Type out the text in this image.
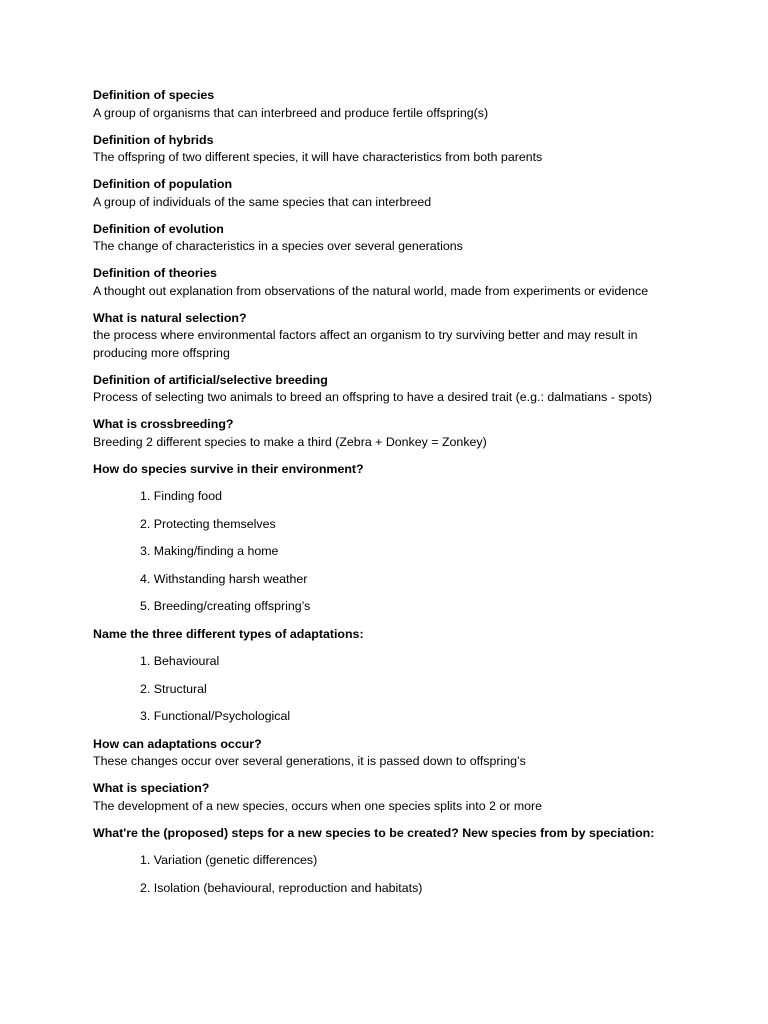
Definition of species
A group of organisms that can interbreed and produce fertile offspring(s)
Definition of hybrids
The offspring of two different species, it will have characteristics from both parents
Definition of population
A group of individuals of the same species that can interbreed
Definition of evolution
The change of characteristics in a species over several generations
Definition of theories
A thought out explanation from observations of the natural world, made from experiments or evidence
What is natural selection?
the process where environmental factors affect an organism to try surviving better and may result in producing more offspring
Definition of artificial/selective breeding
Process of selecting two animals to breed an offspring to have a desired trait (e.g.: dalmatians - spots)
What is crossbreeding?
Breeding 2 different species to make a third (Zebra + Donkey = Zonkey)
How do species survive in their environment?
1. Finding food
2. Protecting themselves
3. Making/finding a home
4. Withstanding harsh weather
5. Breeding/creating offspring’s
Name the three different types of adaptations:
1. Behavioural
2. Structural
3. Functional/Psychological
How can adaptations occur?
These changes occur over several generations, it is passed down to offspring’s
What is speciation?
The development of a new species, occurs when one species splits into 2 or more
What're the (proposed) steps for a new species to be created? New species from by speciation:
1. Variation (genetic differences)
2. Isolation (behavioural, reproduction and habitats)
